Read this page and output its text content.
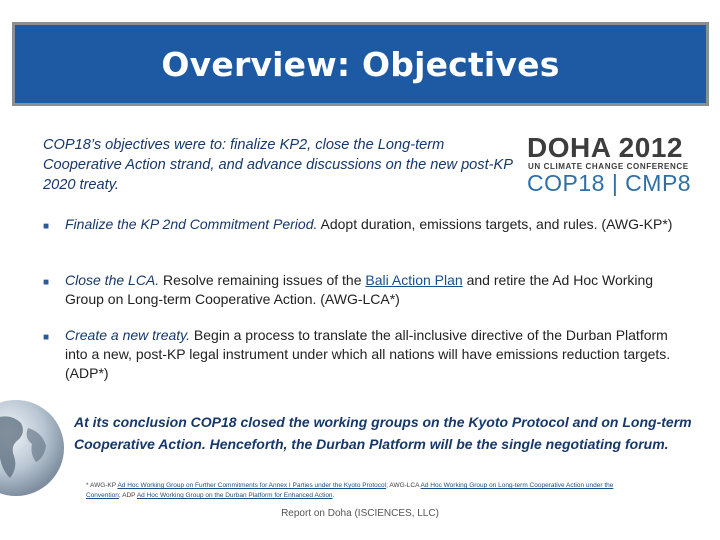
Overview: Objectives
COP18’s objectives were to: finalize KP2, close the Long-term Cooperative Action strand, and advance discussions on the new post-KP 2020 treaty.
DOHA 2012
UN CLIMATE CHANGE CONFERENCE
COP18 | CMP8
■ Finalize the KP 2nd Commitment Period. Adopt duration, emissions targets, and rules. (AWG-KP*)
■ Close the LCA. Resolve remaining issues of the Bali Action Plan and retire the Ad Hoc Working Group on Long-term Cooperative Action. (AWG-LCA*)
■ Create a new treaty. Begin a process to translate the all-inclusive directive of the Durban Platform into a new, post-KP legal instrument under which all nations will have emissions reduction targets. (ADP*)
At its conclusion COP18 closed the working groups on the Kyoto Protocol and on Long-term Cooperative Action. Henceforth, the Durban Platform will be the single negotiating forum.
* AWG-KP Ad Hoc Working Group on Further Commitments for Annex I Parties under the Kyoto Protocol; AWG-LCA Ad Hoc Working Group on Long-term Cooperative Action under the Convention; ADP Ad Hoc Working Group on the Durban Platform for Enhanced Action.
Report on Doha (ISCIENCES, LLC)
